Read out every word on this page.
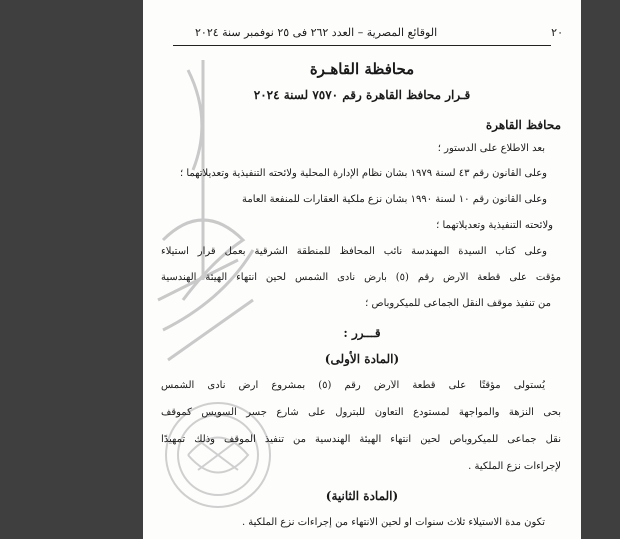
٢٠
الوقائع المصرية – العدد ٢٦٢ فى ٢٥ نوفمبر سنة ٢٠٢٤
محافظة القاهـرة
قـرار محافظ القاهرة رقم ٧٥٧٠ لسنة ٢٠٢٤
محافظ القاهرة
بعد الاطلاع على الدستور ؛
وعلى القانون رقم ٤٣ لسنة ١٩٧٩ بشأن نظام الإدارة المحلية ولائحته التنفيذية وتعديلاتهما ؛
وعلى القانون رقم ١٠ لسنة ١٩٩٠ بشأن نزع ملكية العقارات للمنفعة العامة
ولائحته التنفيذية وتعديلاتهما ؛
وعلى كتاب السيدة المهندسة نائب المحافظ للمنطقة الشرقية بعمل قرار استيلاء
مؤقت على قطعة الأرض رقم (٥) بأرض نادى الشمس لحين انتهاء الهيئة الهندسية
من تنفيذ موقف النقل الجماعى للميكروباص ؛
قـــرر :
(المادة الأولى)
يُستولى مؤقتًا على قطعة الأرض رقم (٥) بمشروع أرض نادى الشمس
بحى النزهة والمواجهة لمستودع التعاون للبترول على شارع جسر السويس كموقف
نقل جماعى للميكروباص لحين انتهاء الهيئة الهندسية من تنفيذ الموقف وذلك تمهيدًا
لإجراءات نزع الملكية .
(المادة الثانية)
تكون مدة الاستيلاء ثلاث سنوات أو لحين الانتهاء من إجراءات نزع الملكية .
